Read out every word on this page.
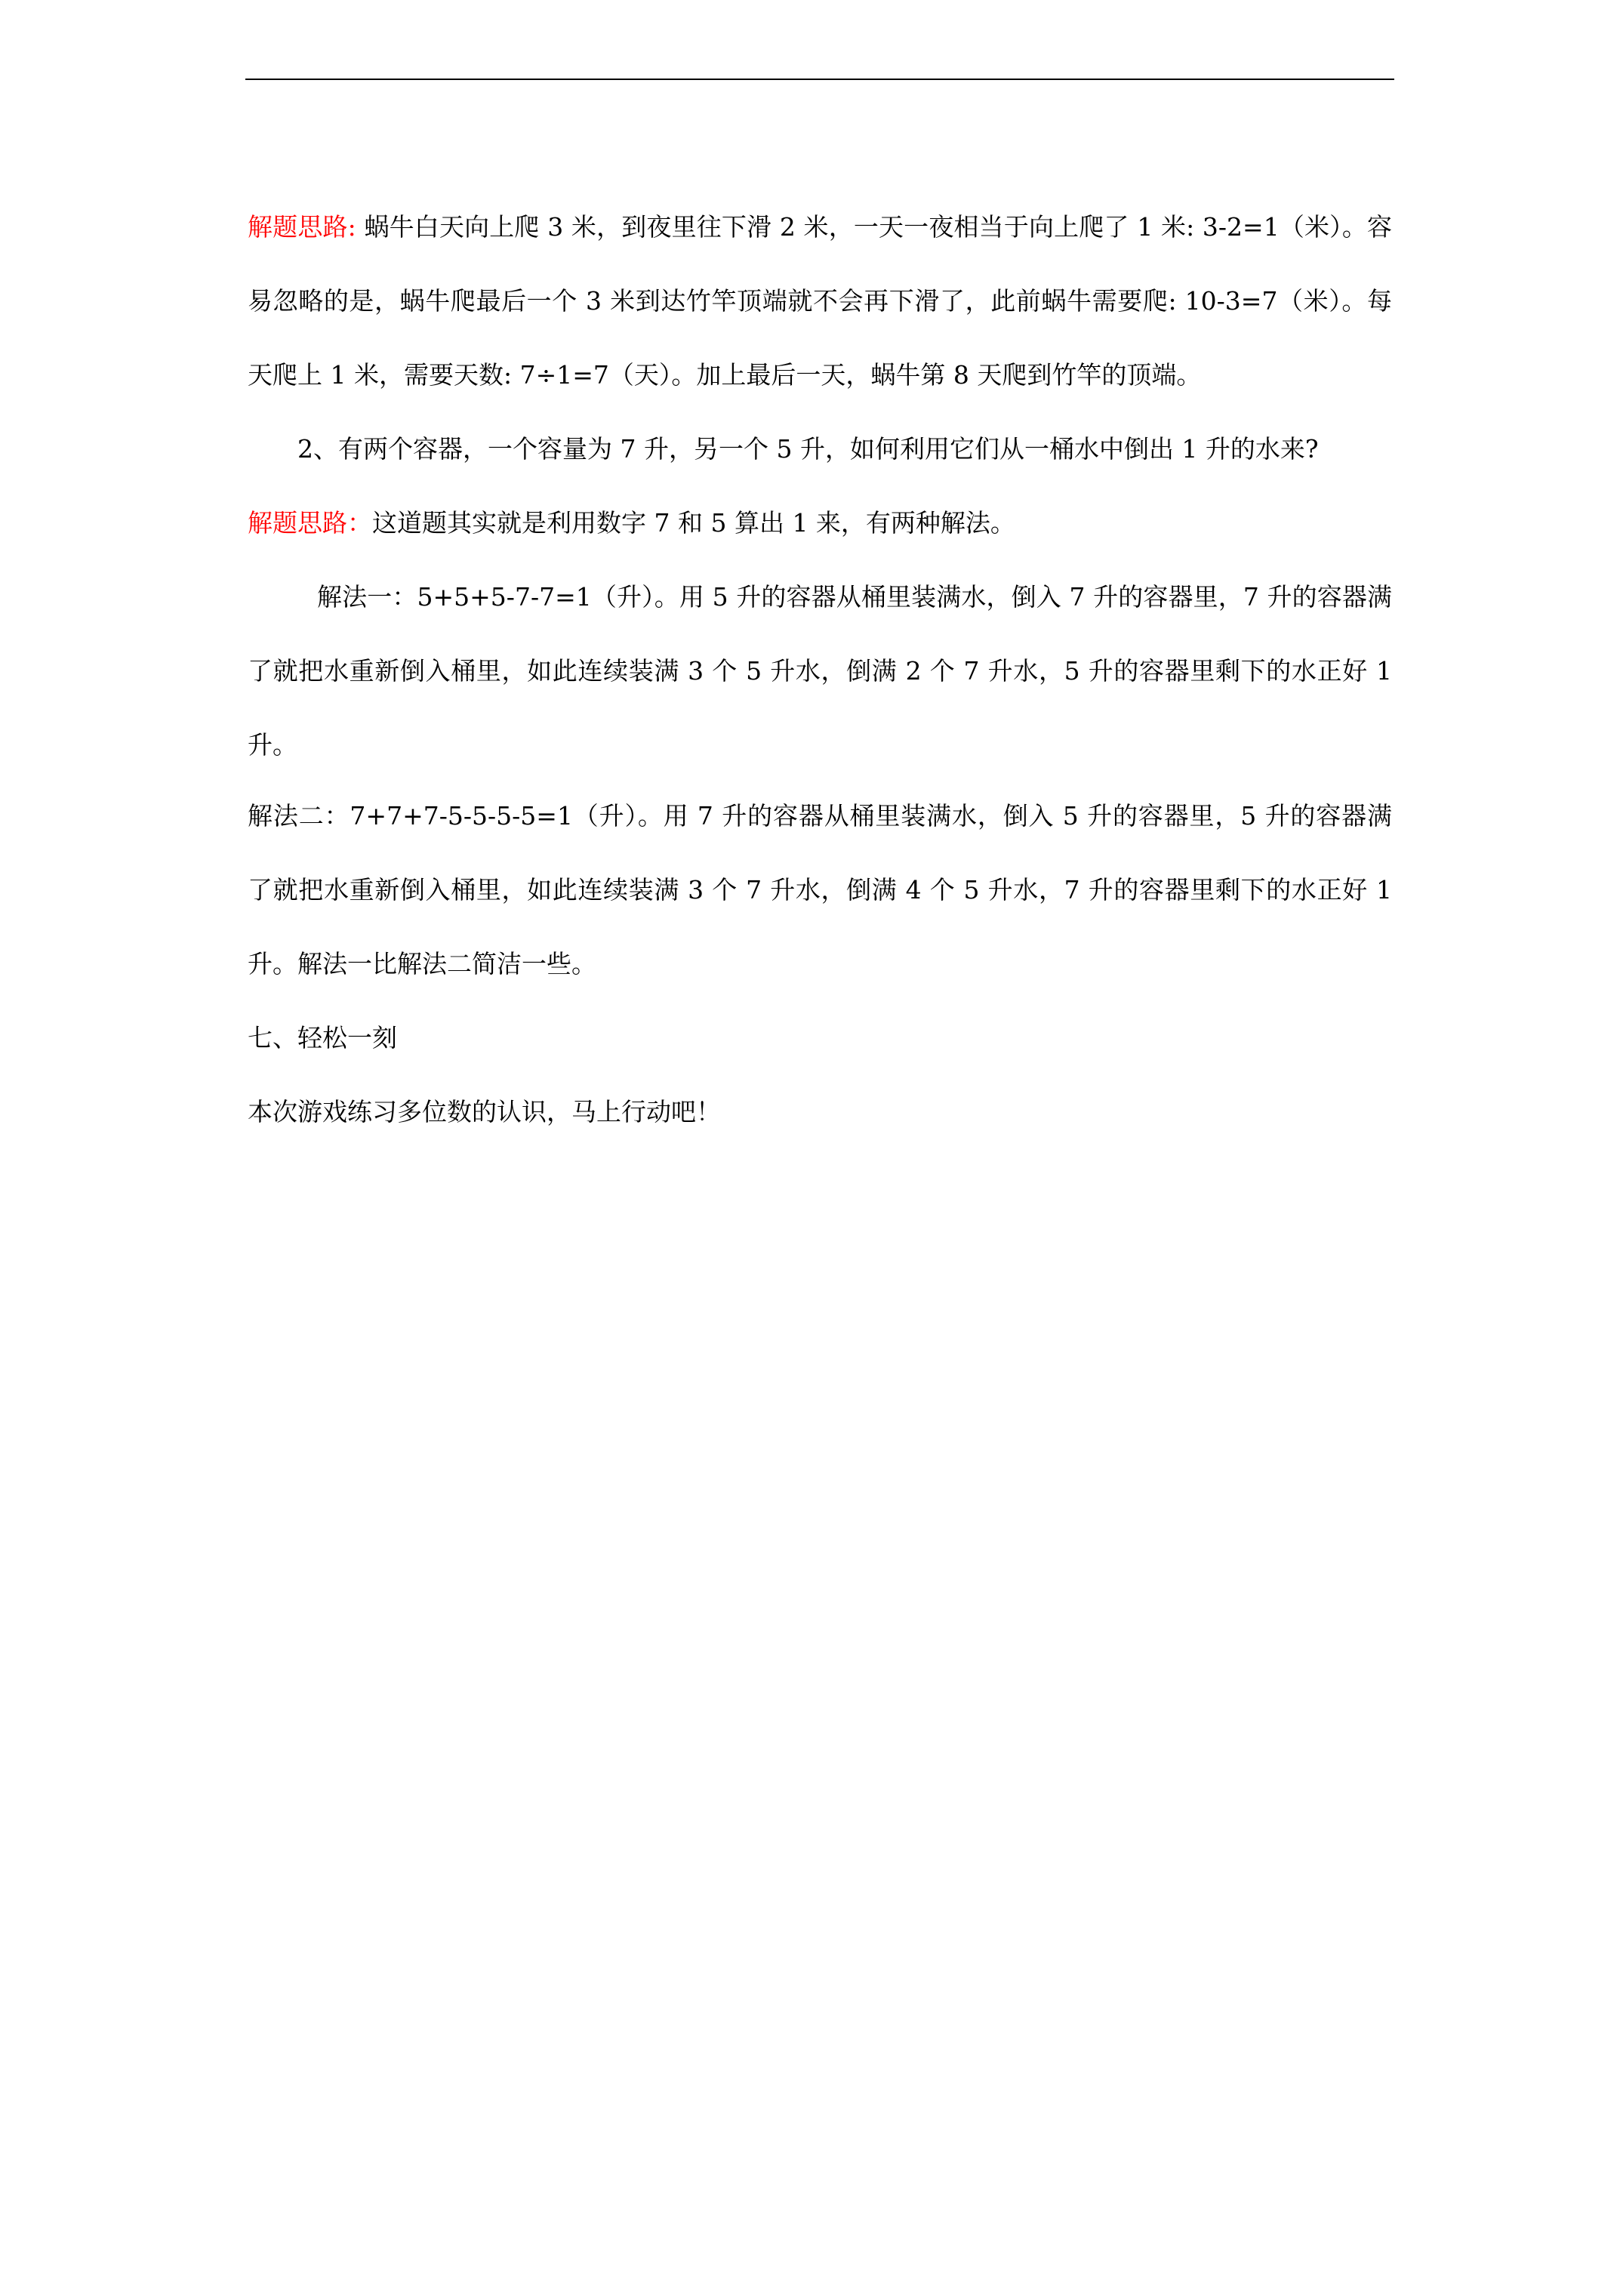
解题思路: 蜗牛白天向上爬 3 米，到夜里往下滑 2 米，一天一夜相当于向上爬了 1 米: 3-2=1（米）。容易忽略的是，蜗牛爬最后一个 3 米到达竹竿顶端就不会再下滑了，此前蜗牛需要爬: 10-3=7（米）。每天爬上 1 米，需要天数: 7÷1=7（天）。加上最后一天，蜗牛第 8 天爬到竹竿的顶端。

2、有两个容器，一个容量为 7 升，另一个 5 升，如何利用它们从一桶水中倒出 1 升的水来?

解题思路：这道题其实就是利用数字 7 和 5 算出 1 来，有两种解法。

解法一：5+5+5-7-7=1（升）。用 5 升的容器从桶里装满水，倒入 7 升的容器里，7 升的容器满了就把水重新倒入桶里，如此连续装满 3 个 5 升水，倒满 2 个 7 升水，5 升的容器里剩下的水正好 1 升。

解法二：7+7+7-5-5-5-5=1（升）。用 7 升的容器从桶里装满水，倒入 5 升的容器里，5 升的容器满了就把水重新倒入桶里，如此连续装满 3 个 7 升水，倒满 4 个 5 升水，7 升的容器里剩下的水正好 1 升。解法一比解法二简洁一些。

七、轻松一刻

本次游戏练习多位数的认识，马上行动吧！
